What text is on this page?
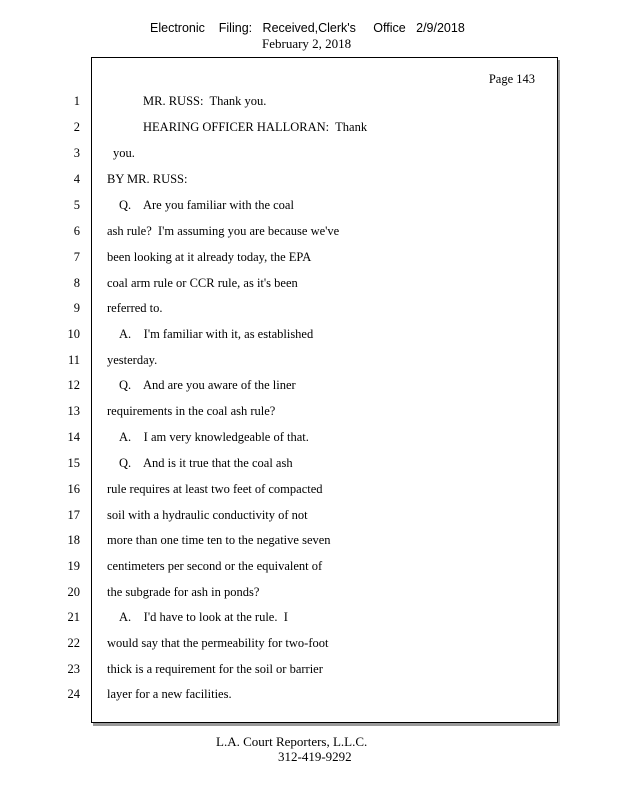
Electronic    Filing:   Received,Clerk's     Office   2/9/2018
February 2, 2018
Page 143
1
2
3
4
5
6
7
8
9
10
11
12
13
14
15
16
17
18
19
20
21
22
23
24
MR. RUSS:  Thank you.
HEARING OFFICER HALLORAN:  Thank
you.
BY MR. RUSS:
Q.    Are you familiar with the coal
ash rule?  I'm assuming you are because we've
been looking at it already today, the EPA
coal arm rule or CCR rule, as it's been
referred to.
A.    I'm familiar with it, as established
yesterday.
Q.    And are you aware of the liner
requirements in the coal ash rule?
A.    I am very knowledgeable of that.
Q.    And is it true that the coal ash
rule requires at least two feet of compacted
soil with a hydraulic conductivity of not
more than one time ten to the negative seven
centimeters per second or the equivalent of
the subgrade for ash in ponds?
A.    I'd have to look at the rule.  I
would say that the permeability for two-foot
thick is a requirement for the soil or barrier
layer for a new facilities.
L.A. Court Reporters, L.L.C.
312-419-9292
